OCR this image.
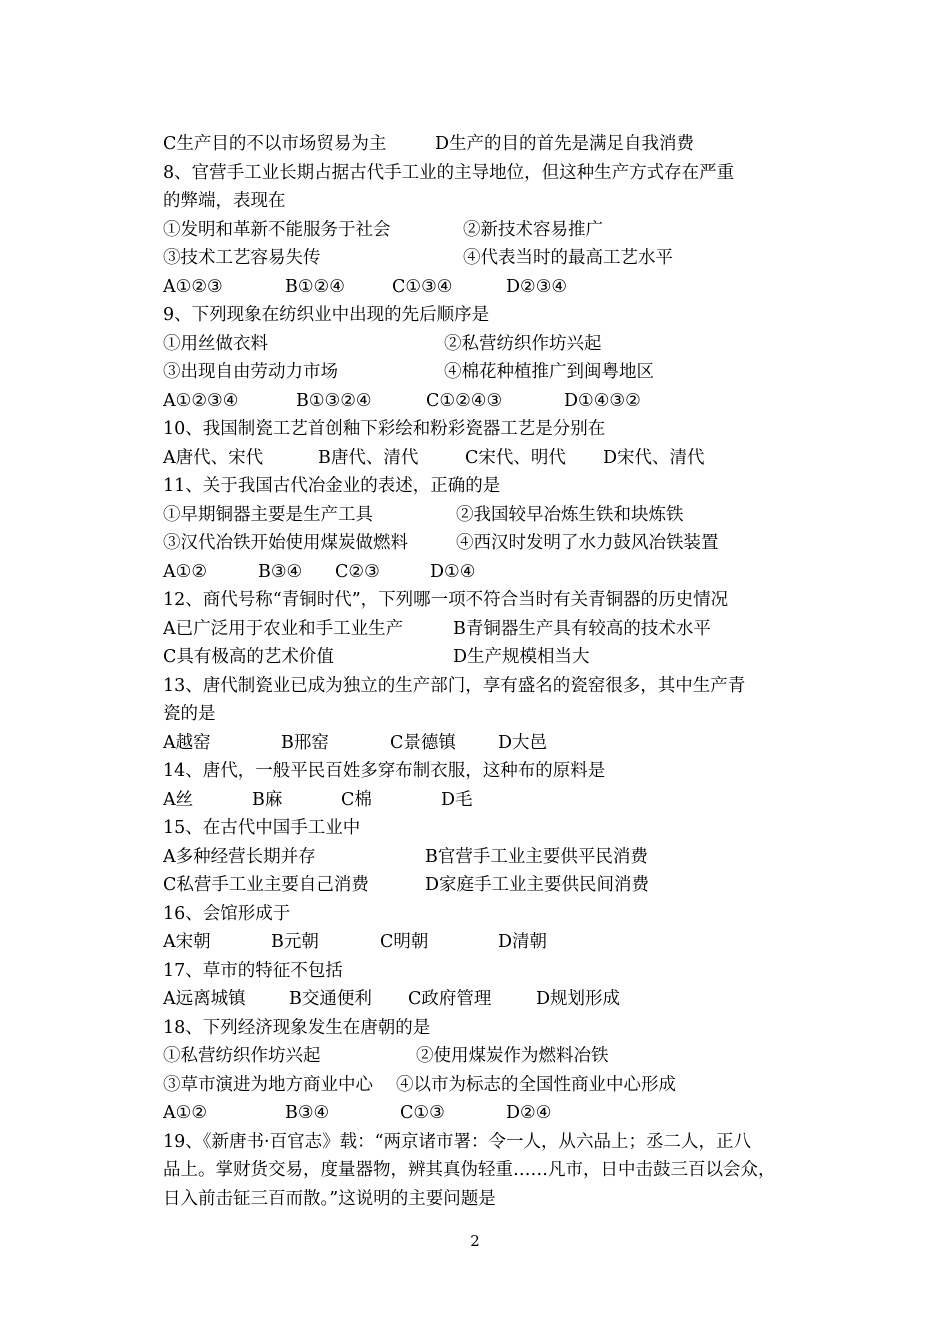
C生产目的不以市场贸易为主	D生产的目的首先是满足自我消费
8、官营手工业长期占据古代手工业的主导地位，但这种生产方式存在严重
的弊端，表现在
①发明和革新不能服务于社会	②新技术容易推广
③技术工艺容易失传	④代表当时的最高工艺水平
A①②③	B①②④	C①③④	D②③④
9、下列现象在纺织业中出现的先后顺序是
①用丝做衣料	②私营纺织作坊兴起
③出现自由劳动力市场	④棉花种植推广到闽粤地区
A①②③④	B①③②④	C①②④③	D①④③②
10、我国制瓷工艺首创釉下彩绘和粉彩瓷器工艺是分别在
A唐代、宋代	B唐代、清代	C宋代、明代 D宋代、清代
11、关于我国古代冶金业的表述，正确的是
①早期铜器主要是生产工具	②我国较早冶炼生铁和块炼铁
③汉代冶铁开始使用煤炭做燃料	④西汉时发明了水力鼓风冶铁装置
A①②	B③④ C②③	D①④
12、商代号称“青铜时代”，下列哪一项不符合当时有关青铜器的历史情况
A已广泛用于农业和手工业生产	B青铜器生产具有较高的技术水平
C具有极高的艺术价值	D生产规模相当大
13、唐代制瓷业已成为独立的生产部门，享有盛名的瓷窑很多，其中生产青
瓷的是
A越窑	B邢窑	C景德镇 D大邑
14、唐代，一般平民百姓多穿布制衣服，这种布的原料是
A丝	B麻	C棉	D毛
15、在古代中国手工业中
A多种经营长期并存	B官营手工业主要供平民消费
C私营手工业主要自己消费	D家庭手工业主要供民间消费
16、会馆形成于
A宋朝	B元朝	C明朝	D清朝
17、草市的特征不包括
A远离城镇 B交通便利 C政府管理	D规划形成
18、下列经济现象发生在唐朝的是
①私营纺织作坊兴起	②使用煤炭作为燃料冶铁
③草市演进为地方商业中心 ④以市为标志的全国性商业中心形成
A①②	B③④	C①③	D②④
19、《新唐书·百官志》载：“两京诸市署：令一人，从六品上；丞二人，正八
品上。掌财货交易，度量器物，辨其真伪轻重……凡市，日中击鼓三百以会众，
日入前击钲三百而散。”这说明的主要问题是
2
